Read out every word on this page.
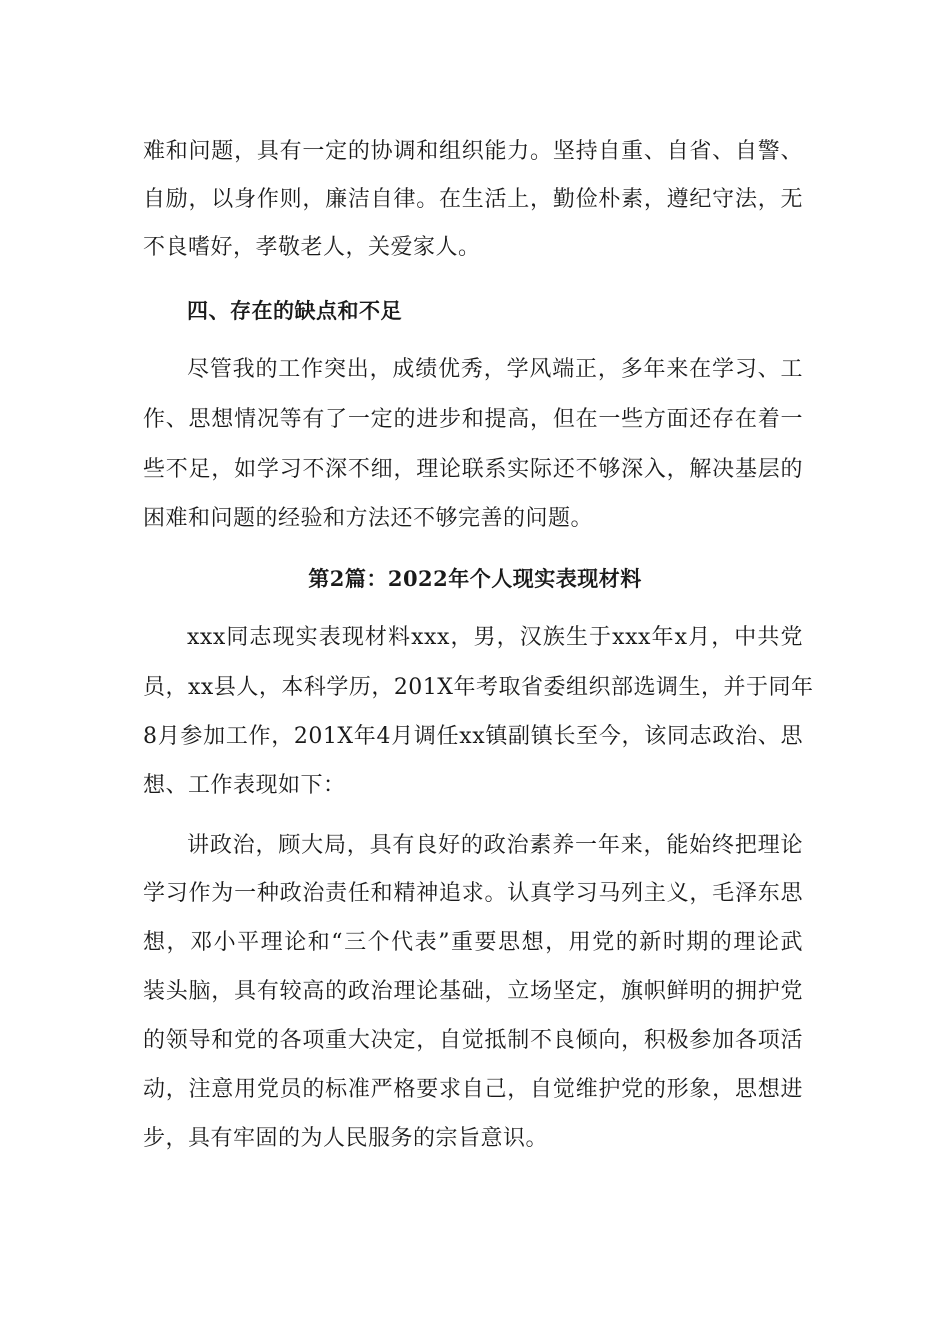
难和问题，具有一定的协调和组织能力。坚持自重、自省、自警、
自励，以身作则，廉洁自律。在生活上，勤俭朴素，遵纪守法，无
不良嗜好，孝敬老人，关爱家人。
四、存在的缺点和不足
尽管我的工作突出，成绩优秀，学风端正，多年来在学习、工
作、思想情况等有了一定的进步和提高，但在一些方面还存在着一
些不足，如学习不深不细，理论联系实际还不够深入，解决基层的
困难和问题的经验和方法还不够完善的问题。
第2篇：2022年个人现实表现材料
xxx同志现实表现材料xxx，男，汉族生于xxx年x月，中共党
员，xx县人，本科学历，201X年考取省委组织部选调生，并于同年
8月参加工作，201X年4月调任xx镇副镇长至今，该同志政治、思
想、工作表现如下：
讲政治，顾大局，具有良好的政治素养一年来，能始终把理论
学习作为一种政治责任和精神追求。认真学习马列主义，毛泽东思
想，邓小平理论和“三个代表”重要思想，用党的新时期的理论武
装头脑，具有较高的政治理论基础，立场坚定，旗帜鲜明的拥护党
的领导和党的各项重大决定，自觉抵制不良倾向，积极参加各项活
动，注意用党员的标准严格要求自己，自觉维护党的形象，思想进
步，具有牢固的为人民服务的宗旨意识。
